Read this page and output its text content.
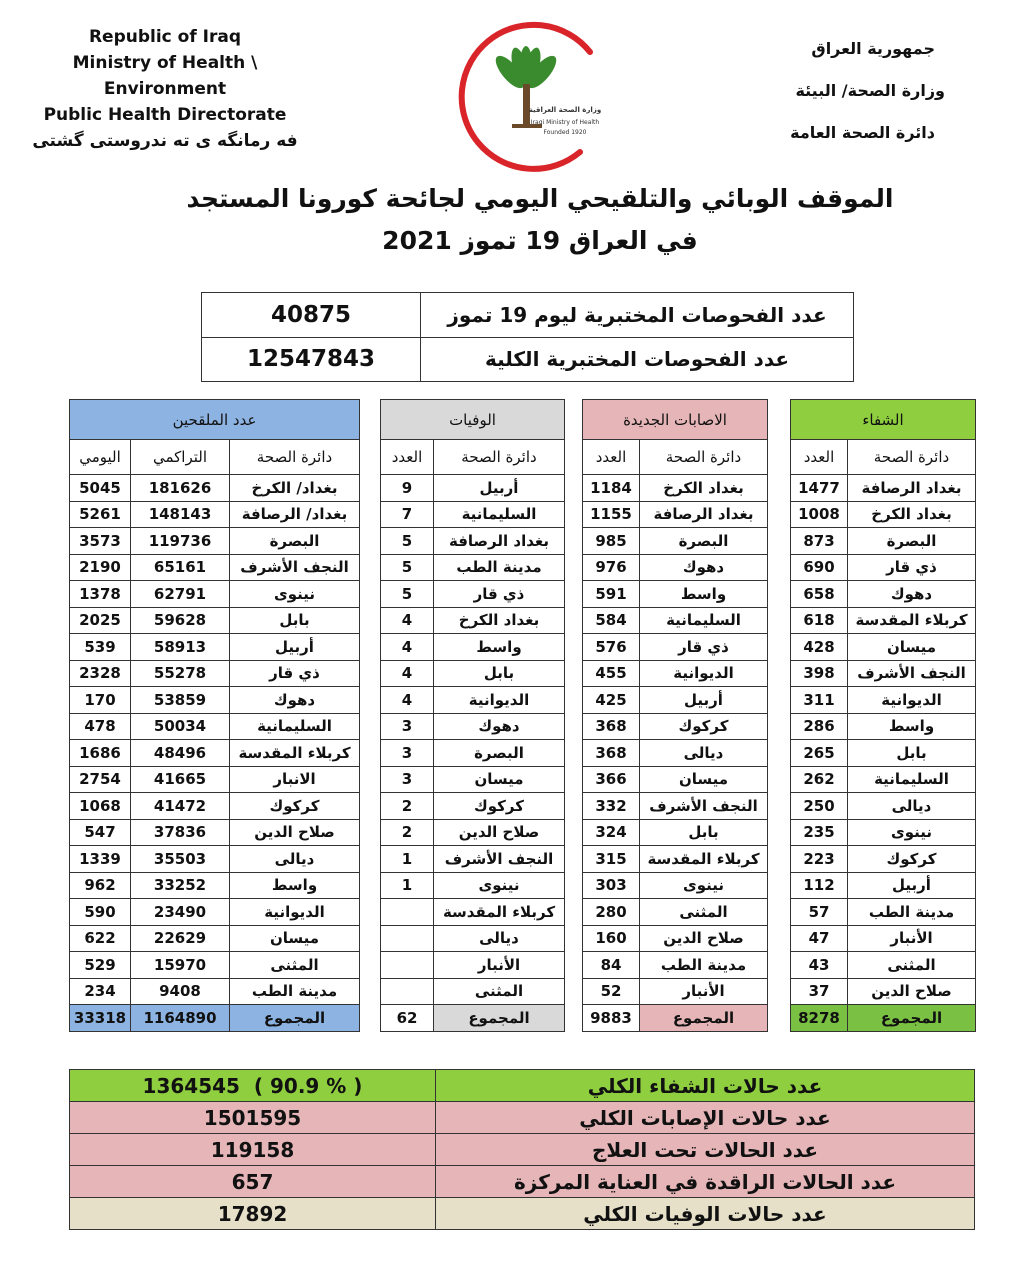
Republic of Iraq
Ministry of Health \ Environment
Public Health Directorate
فه رمانگه ى ته ندروستى گشتى
جمهورية العراق
وزارة الصحة/ البيئة
دائرة الصحة العامة
وزارة الصحة العراقية
Iraqi Ministry of Health
Founded 1920
الموقف الوبائي والتلقيحي اليومي لجائحة كورونا المستجد
في العراق 19 تموز 2021
40875	عدد الفحوصات المختبرية ليوم 19 تموز
12547843	عدد الفحوصات المختبرية الكلية
عدد الملقحين		
اليومي	التراكمي	دائرة الصحة
5045	181626	بغداد/ الكرخ
5261	148143	بغداد/ الرصافة
3573	119736	البصرة
2190	65161	النجف الأشرف
1378	62791	نينوى
2025	59628	بابل
539	58913	أربيل
2328	55278	ذي قار
170	53859	دهوك
478	50034	السليمانية
1686	48496	كربلاء المقدسة
2754	41665	الانبار
1068	41472	كركوك
547	37836	صلاح الدين
1339	35503	ديالى
962	33252	واسط
590	23490	الديوانية
622	22629	ميسان
529	15970	المثنى
234	9408	مدينة الطب
33318	1164890	المجموع
الوفيات	
العدد	دائرة الصحة
9	أربيل
7	السليمانية
5	بغداد الرصافة
5	مدينة الطب
5	ذي قار
4	بغداد الكرخ
4	واسط
4	بابل
4	الديوانية
3	دهوك
3	البصرة
3	ميسان
2	كركوك
2	صلاح الدين
1	النجف الأشرف
1	نينوى
	كربلاء المقدسة
	ديالى
	الأنبار
	المثنى
62	المجموع
الاصابات الجديدة	
العدد	دائرة الصحة
1184	بغداد الكرخ
1155	بغداد الرصافة
985	البصرة
976	دهوك
591	واسط
584	السليمانية
576	ذي قار
455	الديوانية
425	أربيل
368	كركوك
368	ديالى
366	ميسان
332	النجف الأشرف
324	بابل
315	كربلاء المقدسة
303	نينوى
280	المثنى
160	صلاح الدين
84	مدينة الطب
52	الأنبار
9883	المجموع
الشفاء	
العدد	دائرة الصحة
1477	بغداد الرصافة
1008	بغداد الكرخ
873	البصرة
690	ذي قار
658	دهوك
618	كربلاء المقدسة
428	ميسان
398	النجف الأشرف
311	الديوانية
286	واسط
265	بابل
262	السليمانية
250	ديالى
235	نينوى
223	كركوك
112	أربيل
57	مدينة الطب
47	الأنبار
43	المثنى
37	صلاح الدين
8278	المجموع
1364545 ( 90.9 % )	عدد حالات الشفاء الكلي
1501595	عدد حالات الإصابات الكلي
119158	عدد الحالات تحت العلاج
657	عدد الحالات الراقدة في العناية المركزة
17892	عدد حالات الوفيات الكلي
